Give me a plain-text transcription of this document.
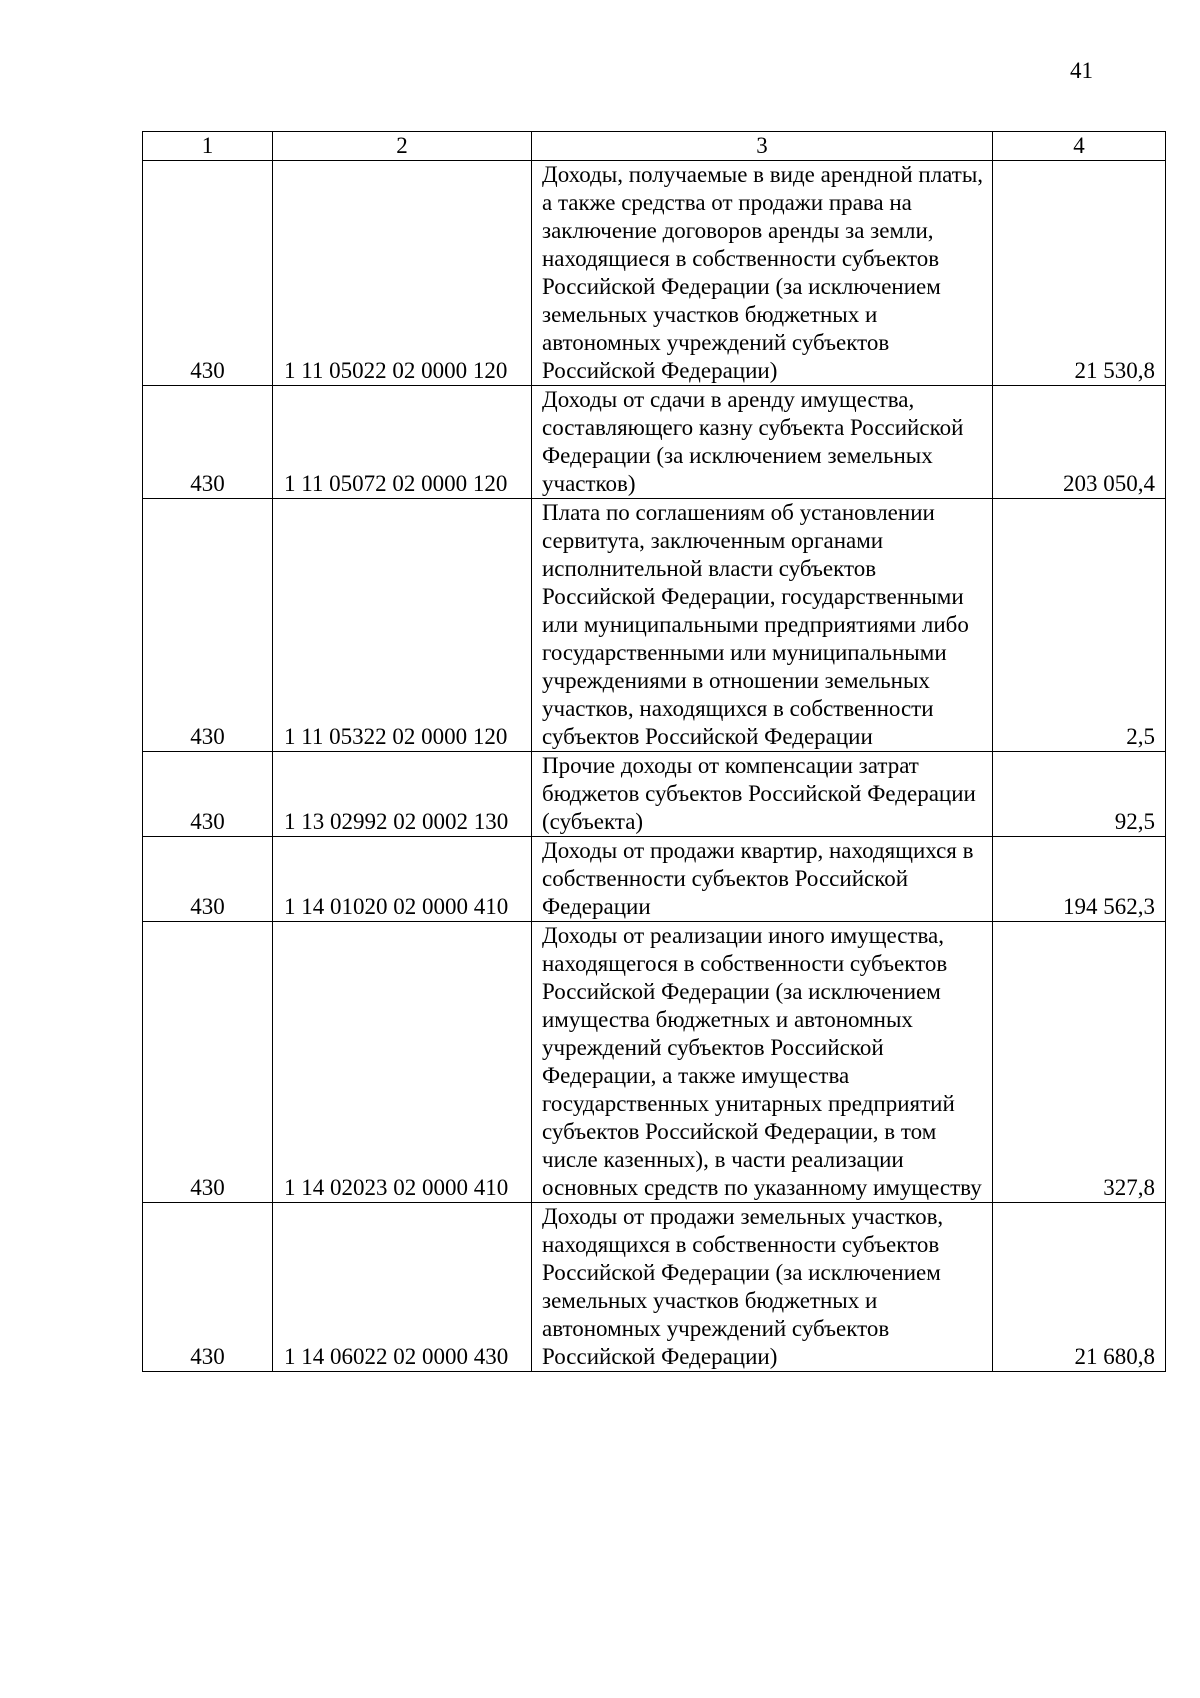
41
1	2	3	4
430	1 11 05022 02 0000 120	Доходы, получаемые в виде арендной платы, а также средства от продажи права на заключение договоров аренды за земли, находящиеся в собственности субъектов Российской Федерации (за исключением земельных участков бюджетных и автономных учреждений субъектов Российской Федерации)	21 530,8
430	1 11 05072 02 0000 120	Доходы от сдачи в аренду имущества, составляющего казну субъекта Российской Федерации (за исключением земельных участков)	203 050,4
430	1 11 05322 02 0000 120	Плата по соглашениям об установлении сервитута, заключенным органами исполнительной власти субъектов Российской Федерации, государственными или муниципальными предприятиями либо государственными или муниципальными учреждениями в отношении земельных участков, находящихся в собственности субъектов Российской Федерации	2,5
430	1 13 02992 02 0002 130	Прочие доходы от компенсации затрат бюджетов субъектов Российской Федерации (субъекта)	92,5
430	1 14 01020 02 0000 410	Доходы от продажи квартир, находящихся в собственности субъектов Российской Федерации	194 562,3
430	1 14 02023 02 0000 410	Доходы от реализации иного имущества, находящегося в собственности субъектов Российской Федерации (за исключением имущества бюджетных и автономных учреждений субъектов Российской Федерации, а также имущества государственных унитарных предприятий субъектов Российской Федерации, в том числе казенных), в части реализации основных средств по указанному имуществу	327,8
430	1 14 06022 02 0000 430	Доходы от продажи земельных участков, находящихся в собственности субъектов Российской Федерации (за исключением земельных участков бюджетных и автономных учреждений субъектов Российской Федерации)	21 680,8
